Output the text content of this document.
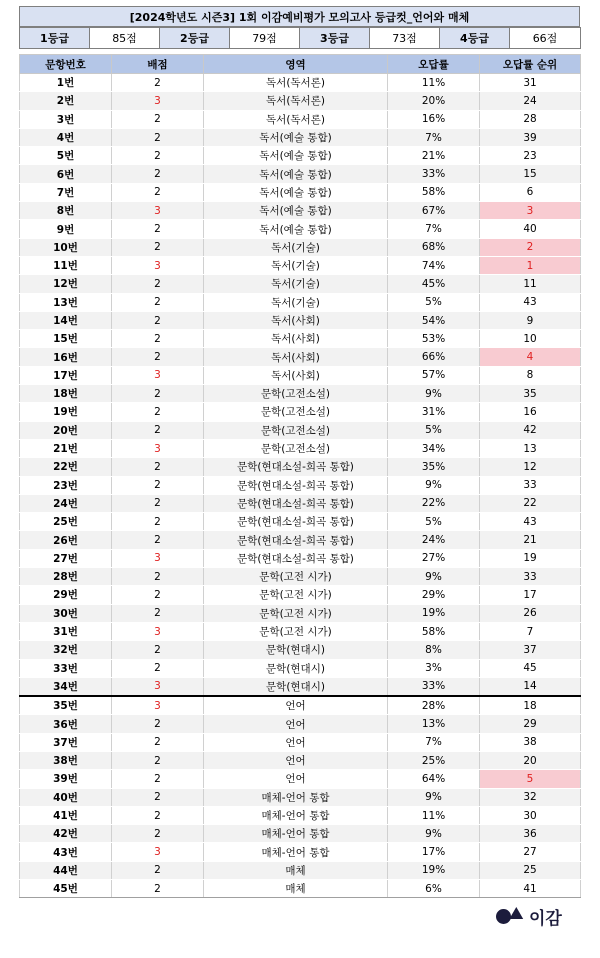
[2024학년도 시즌3] 1회 이감예비평가 모의고사 등급컷_언어와 매체
1등급	85점	2등급	79점	3등급	73점	4등급	66점
문항번호	배점	영역	오답률	오답률 순위
1번	2	독서(독서론)	11%	31
2번	3	독서(독서론)	20%	24
3번	2	독서(독서론)	16%	28
4번	2	독서(예술 통합)	7%	39
5번	2	독서(예술 통합)	21%	23
6번	2	독서(예술 통합)	33%	15
7번	2	독서(예술 통합)	58%	6
8번	3	독서(예술 통합)	67%	3
9번	2	독서(예술 통합)	7%	40
10번	2	독서(기술)	68%	2
11번	3	독서(기술)	74%	1
12번	2	독서(기술)	45%	11
13번	2	독서(기술)	5%	43
14번	2	독서(사회)	54%	9
15번	2	독서(사회)	53%	10
16번	2	독서(사회)	66%	4
17번	3	독서(사회)	57%	8
18번	2	문학(고전소설)	9%	35
19번	2	문학(고전소설)	31%	16
20번	2	문학(고전소설)	5%	42
21번	3	문학(고전소설)	34%	13
22번	2	문학(현대소설-희곡 통합)	35%	12
23번	2	문학(현대소설-희곡 통합)	9%	33
24번	2	문학(현대소설-희곡 통합)	22%	22
25번	2	문학(현대소설-희곡 통합)	5%	43
26번	2	문학(현대소설-희곡 통합)	24%	21
27번	3	문학(현대소설-희곡 통합)	27%	19
28번	2	문학(고전 시가)	9%	33
29번	2	문학(고전 시가)	29%	17
30번	2	문학(고전 시가)	19%	26
31번	3	문학(고전 시가)	58%	7
32번	2	문학(현대시)	8%	37
33번	2	문학(현대시)	3%	45
34번	3	문학(현대시)	33%	14
35번	3	언어	28%	18
36번	2	언어	13%	29
37번	2	언어	7%	38
38번	2	언어	25%	20
39번	2	언어	64%	5
40번	2	매체-언어 통합	9%	32
41번	2	매체-언어 통합	11%	30
42번	2	매체-언어 통합	9%	36
43번	3	매체-언어 통합	17%	27
44번	2	매체	19%	25
45번	2	매체	6%	41
이감
